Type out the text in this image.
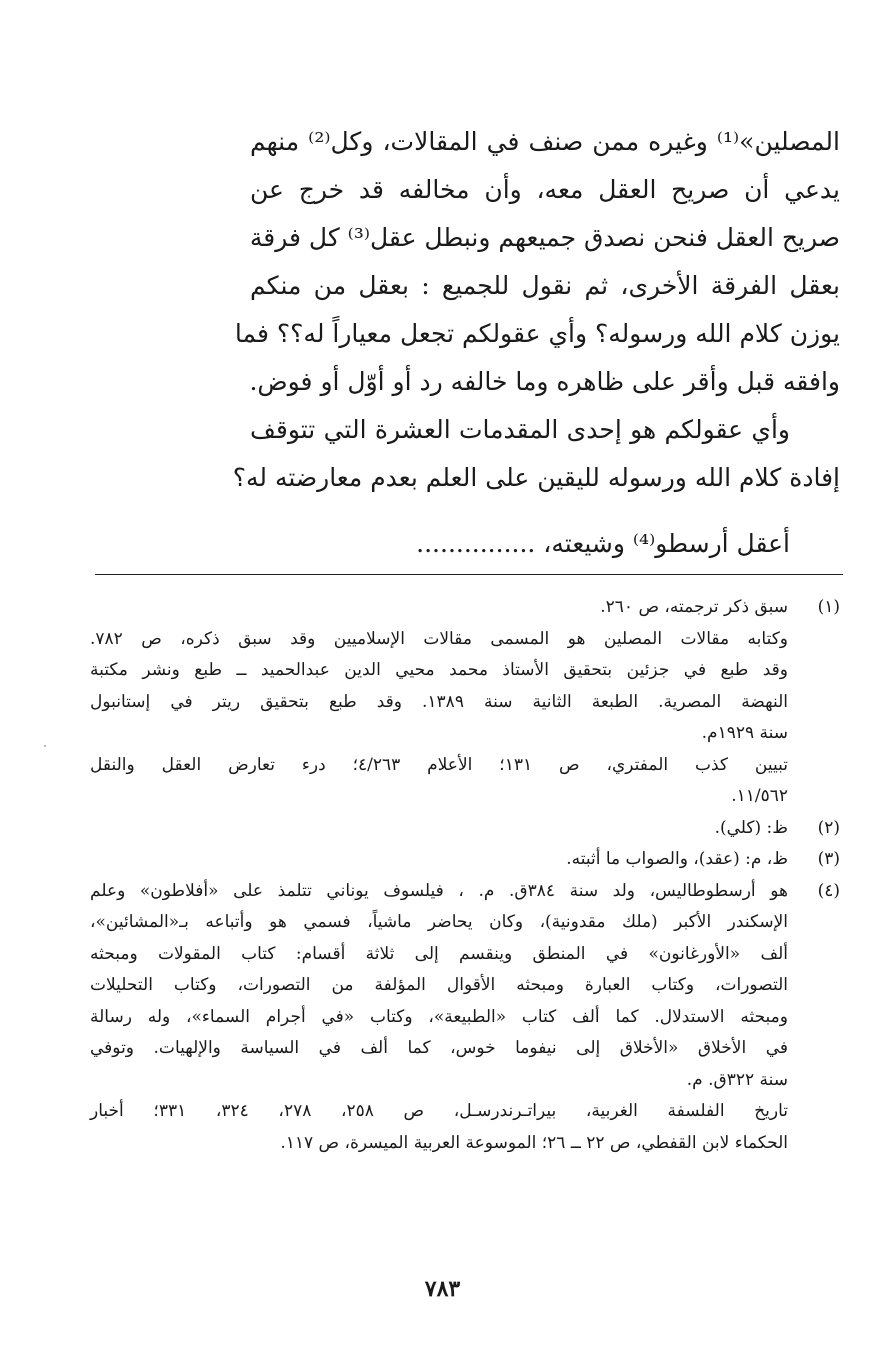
المصلين»⁽¹⁾ وغيره ممن صنف في المقالات، وكل⁽²⁾ منهم
يدعي أن صريح العقل معه، وأن مخالفه قد خرج عن
صريح العقل فنحن نصدق جميعهم ونبطل عقل⁽³⁾ كل فرقة
بعقل الفرقة الأخرى، ثم نقول للجميع : بعقل من منكم
يوزن كلام الله ورسوله؟ وأي عقولكم تجعل معياراً له؟؟ فما
وافقه قبل وأقر على ظاهره وما خالفه رد أو أوّل أو فوض.
وأي عقولكم هو إحدى المقدمات العشرة التي تتوقف
إفادة كلام الله ورسوله لليقين على العلم بعدم معارضته له؟
أعقل أرسطو⁽⁴⁾ وشيعته، ...............
(١)
سبق ذكر ترجمته، ص ٢٦٠.
وكتابه مقالات المصلين هو المسمى مقالات الإسلاميين وقد سبق ذكره، ص ٧٨٢.
وقد طبع في جزئين بتحقيق الأستاذ محمد محيي الدين عبدالحميد ــ طبع ونشر مكتبة
النهضة المصرية. الطبعة الثانية سنة ١٣٨٩. وقد طبع بتحقيق ريتر في إستانبول
سنة ١٩٢٩م.
تبيين كذب المفتري، ص ١٣١؛ الأعلام ٤/٢٦٣؛ درء تعارض العقل والنقل
١١/٥٦٢.
(٢)
ظ: (كلي).
(٣)
ظ، م: (عقد)، والصواب ما أثبته.
(٤)
هو أرسطوطاليس، ولد سنة ٣٨٤ق. م. ، فيلسوف يوناني تتلمذ على «أفلاطون» وعلم
الإسكندر الأكبر (ملك مقدونية)، وكان يحاضر ماشياً، فسمي هو وأتباعه بـ«المشائين»،
ألف «الأورغانون» في المنطق وينقسم إلى ثلاثة أقسام: كتاب المقولات ومبحثه
التصورات، وكتاب العبارة ومبحثه الأقوال المؤلفة من التصورات، وكتاب التحليلات
ومبحثه الاستدلال. كما ألف كتاب «الطبيعة»، وكتاب «في أجرام السماء»، وله رسالة
في الأخلاق «الأخلاق إلى نيفوما خوس، كما ألف في السياسة والإلهيات. وتوفي
سنة ٣٢٢ق. م.
تاريخ الفلسفة الغربية، بيراتـرندرسـل، ص ٢٥٨، ٢٧٨، ٣٢٤، ٣٣١؛ أخبار
الحكماء لابن القفطي، ص ٢٢ ــ ٢٦؛ الموسوعة العربية الميسرة، ص ١١٧.
٧٨٣
